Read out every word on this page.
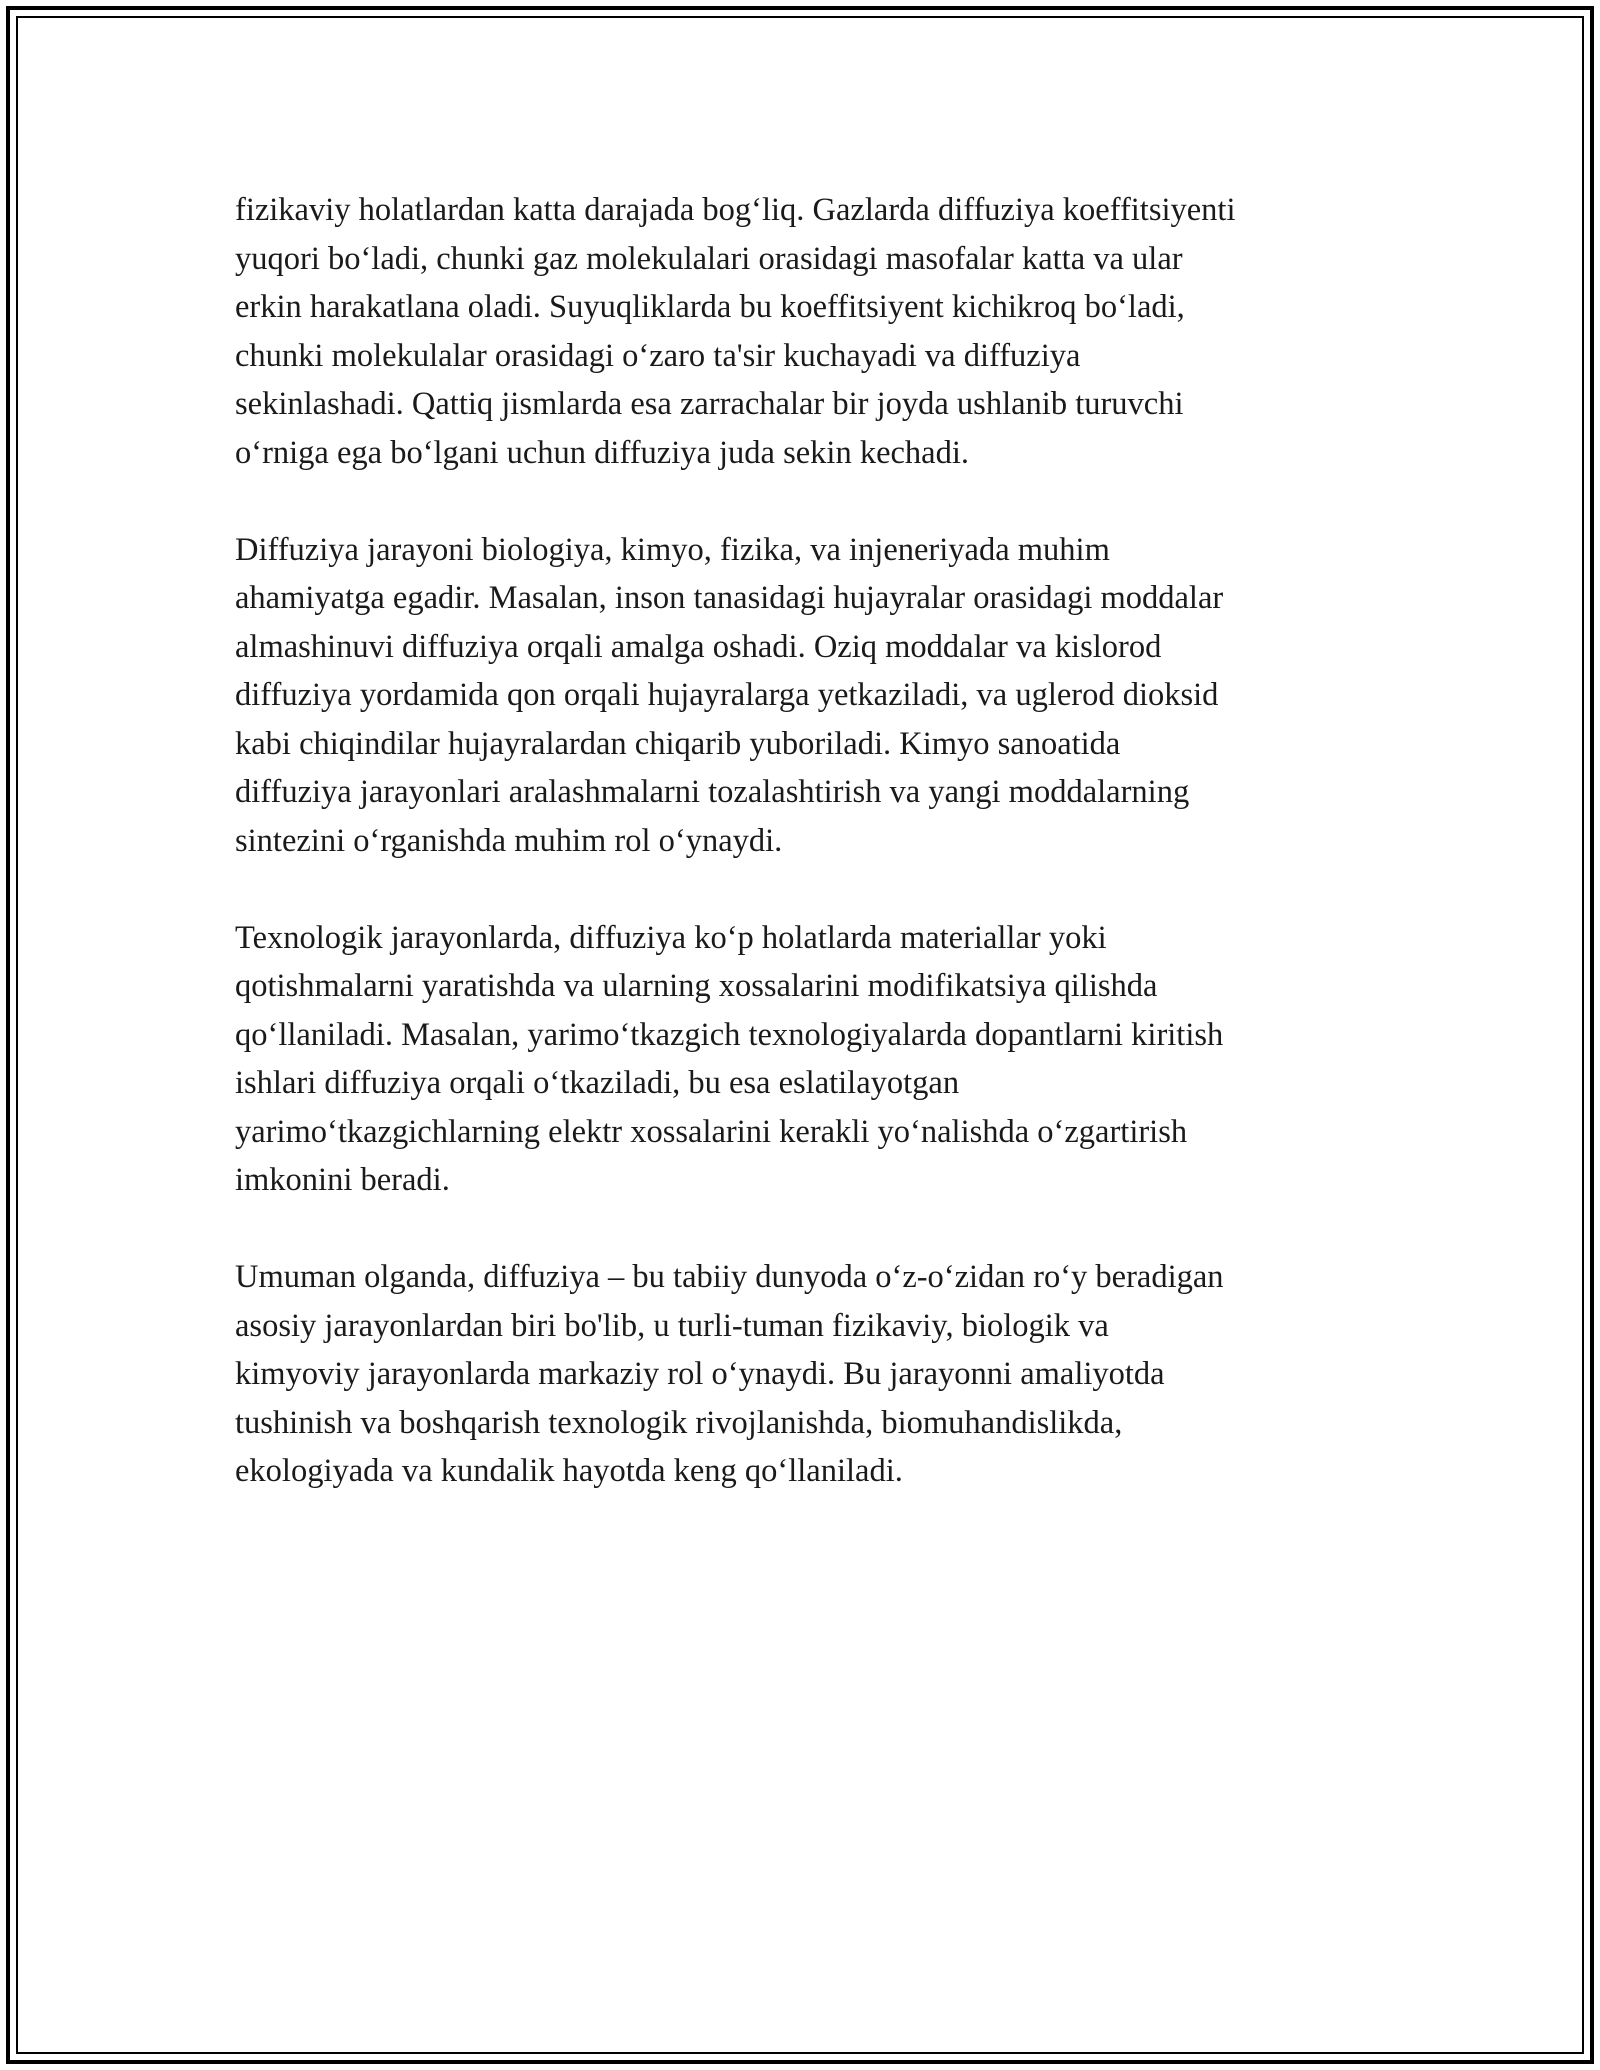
fizikaviy holatlardan katta darajada bog‘liq. Gazlarda diffuziya koeffitsiyenti
yuqori bo‘ladi, chunki gaz molekulalari orasidagi masofalar katta va ular
erkin harakatlana oladi. Suyuqliklarda bu koeffitsiyent kichikroq bo‘ladi,
chunki molekulalar orasidagi o‘zaro ta'sir kuchayadi va diffuziya
sekinlashadi. Qattiq jismlarda esa zarrachalar bir joyda ushlanib turuvchi
o‘rniga ega bo‘lgani uchun diffuziya juda sekin kechadi.

Diffuziya jarayoni biologiya, kimyo, fizika, va injeneriyada muhim
ahamiyatga egadir. Masalan, inson tanasidagi hujayralar orasidagi moddalar
almashinuvi diffuziya orqali amalga oshadi. Oziq moddalar va kislorod
diffuziya yordamida qon orqali hujayralarga yetkaziladi, va uglerod dioksid
kabi chiqindilar hujayralardan chiqarib yuboriladi. Kimyo sanoatida
diffuziya jarayonlari aralashmalarni tozalashtirish va yangi moddalarning
sintezini o‘rganishda muhim rol o‘ynaydi.

Texnologik jarayonlarda, diffuziya ko‘p holatlarda materiallar yoki
qotishmalarni yaratishda va ularning xossalarini modifikatsiya qilishda
qo‘llaniladi. Masalan, yarimo‘tkazgich texnologiyalarda dopantlarni kiritish
ishlari diffuziya orqali o‘tkaziladi, bu esa eslatilayotgan
yarimo‘tkazgichlarning elektr xossalarini kerakli yo‘nalishda o‘zgartirish
imkonini beradi.

Umuman olganda, diffuziya – bu tabiiy dunyoda o‘z-o‘zidan ro‘y beradigan
asosiy jarayonlardan biri bo'lib, u turli-tuman fizikaviy, biologik va
kimyoviy jarayonlarda markaziy rol o‘ynaydi. Bu jarayonni amaliyotda
tushinish va boshqarish texnologik rivojlanishda, biomuhandislikda,
ekologiyada va kundalik hayotda keng qo‘llaniladi.
